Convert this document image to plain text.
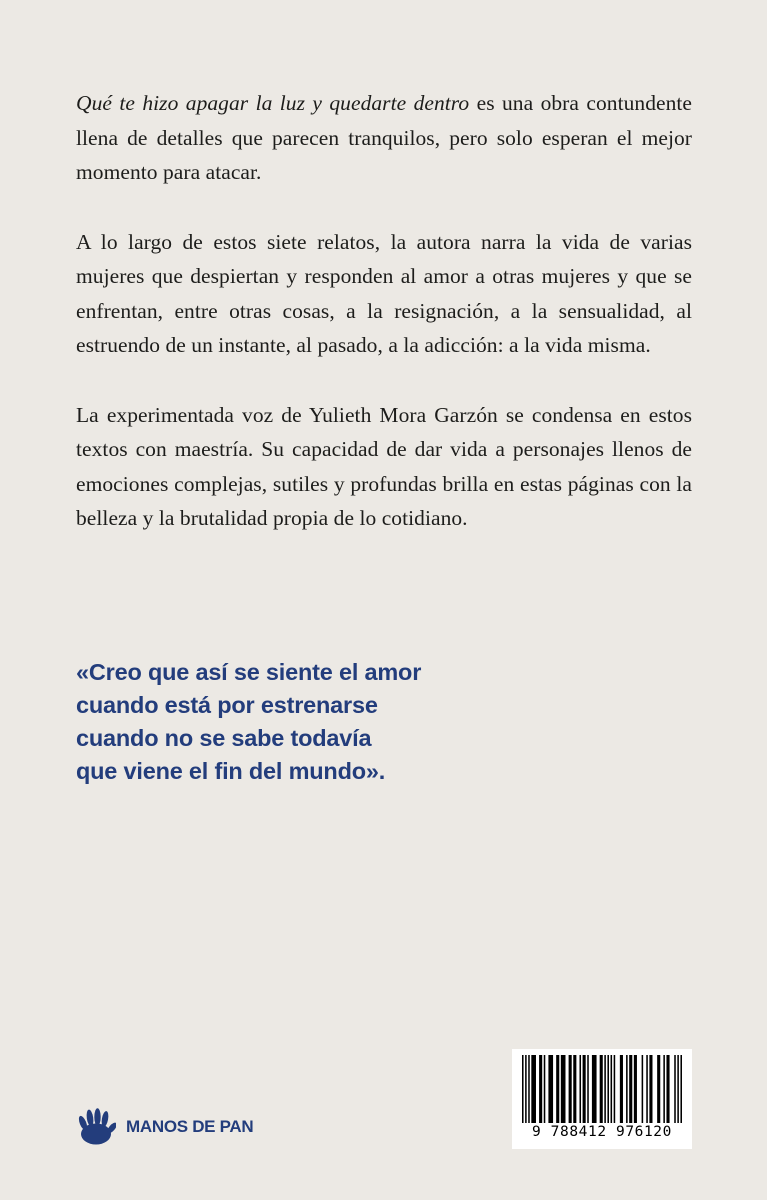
Qué te hizo apagar la luz y quedarte dentro es una obra contundente llena de detalles que parecen tranquilos, pero solo esperan el mejor momento para atacar.

A lo largo de estos siete relatos, la autora narra la vida de varias mujeres que despiertan y responden al amor a otras mujeres y que se enfrentan, entre otras cosas, a la resignación, a la sensualidad, al estruendo de un instante, al pasado, a la adicción: a la vida misma.

La experimentada voz de Yulieth Mora Garzón se condensa en estos textos con maestría. Su capacidad de dar vida a personajes llenos de emociones complejas, sutiles y profundas brilla en estas páginas con la belleza y la brutalidad propia de lo cotidiano.

«Creo que así se siente el amor
cuando está por estrenarse
cuando no se sabe todavía
que viene el fin del mundo».
MANOS DE PAN	9 788412 976120
